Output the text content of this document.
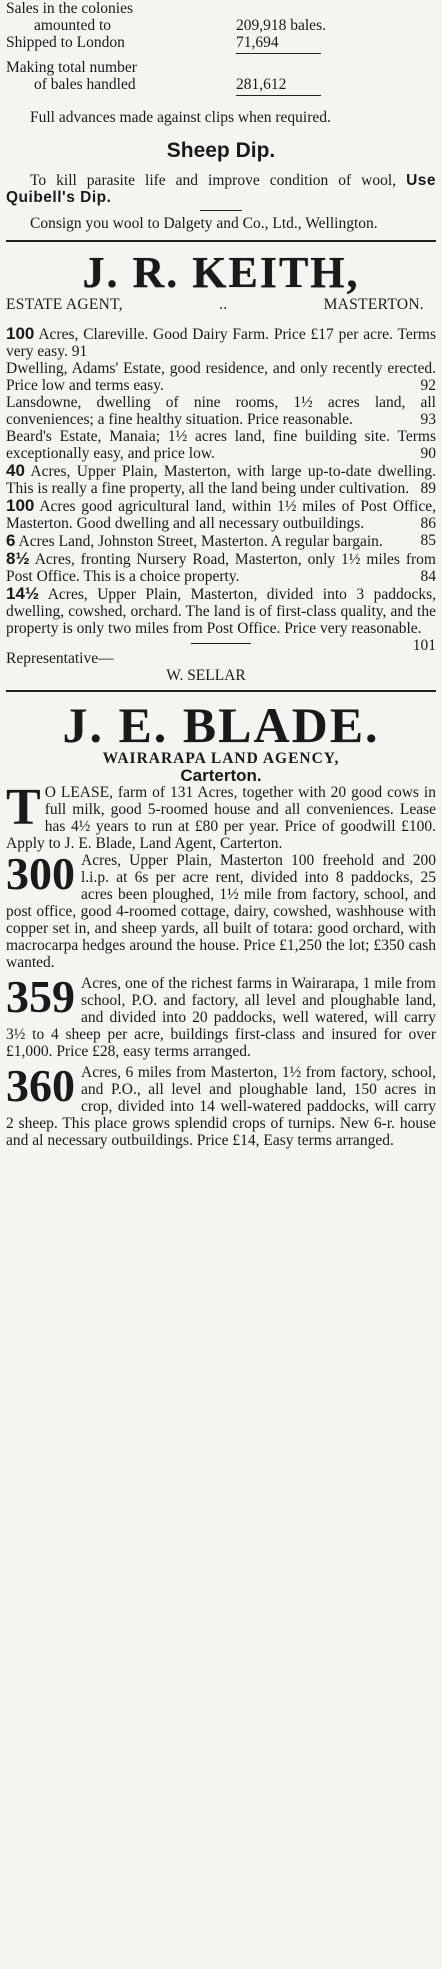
Sales in the colonies
amounted to	209,918 bales.
Shipped to London	71,694
Making total number
of bales handled	281,612
Full advances made against clips when required.
Sheep Dip.
To kill parasite life and improve condition of wool, Use Quibell's Dip.
Consign you wool to Dalgety and Co., Ltd., Wellington.
J. R. KEITH,
ESTATE AGENT,	..	MASTERTON.
100 Acres, Clareville. Good Dairy Farm. Price £17 per acre. Terms very easy. 91
Dwelling, Adams' Estate, good residence, and only recently erected. Price low and terms easy.	92
Lansdowne, dwelling of nine rooms, 1½ acres land, all conveniences; a fine healthy situation. Price reasonable.	93
Beard's Estate, Manaia; 1½ acres land, fine building site. Terms exceptionally easy, and price low.	90
40 Acres, Upper Plain, Masterton, with large up-to-date dwelling. This is really a fine property, all the land being under cultivation. 89
100 Acres good agricultural land, within 1½ miles of Post Office, Masterton. Good dwelling and all necessary outbuildings.	86
6 Acres Land, Johnston Street, Masterton. A regular bargain. 85
8½ Acres, fronting Nursery Road, Masterton, only 1½ miles from Post Office. This is a choice property.	84
14½ Acres, Upper Plain, Masterton, divided into 3 paddocks, dwelling, cowshed, orchard. The land is of first-class quality, and the property is only two miles from Post Office. Price very reasonable.
101
Representative—
W. SELLAR
J. E. BLADE.
WAIRARAPA LAND AGENCY,
Carterton.
T O LEASE, farm of 131 Acres, together with 20 good cows in full milk, good 5-roomed house and all conveniences. Lease has 4½ years to run at £80 per year. Price of goodwill £100. Apply to J. E. Blade, Land Agent, Carterton.
300 Acres, Upper Plain, Masterton 100 freehold and 200 l.i.p. at 6s per acre rent, divided into 8 paddocks, 25 acres been ploughed, 1½ mile from factory, school, and post office, good 4-roomed cottage, dairy, cowshed, washhouse with copper set in, and sheep yards, all built of totara: good orchard, with macrocarpa hedges around the house. Price £1,250 the lot; £350 cash wanted.
359 Acres, one of the richest farms in Wairarapa, 1 mile from school, P.O. and factory, all level and ploughable land, and divided into 20 paddocks, well watered, will carry 3½ to 4 sheep per acre, buildings first-class and insured for over £1,000. Price £28, easy terms arranged.
360 Acres, 6 miles from Masterton, 1½ from factory, school, and P.O., all level and ploughable land, 150 acres in crop, divided into 14 well-watered paddocks, will carry 2 sheep. This place grows splendid crops of turnips. New 6-r. house and al necessary outbuildings. Price £14, Easy terms arranged.
